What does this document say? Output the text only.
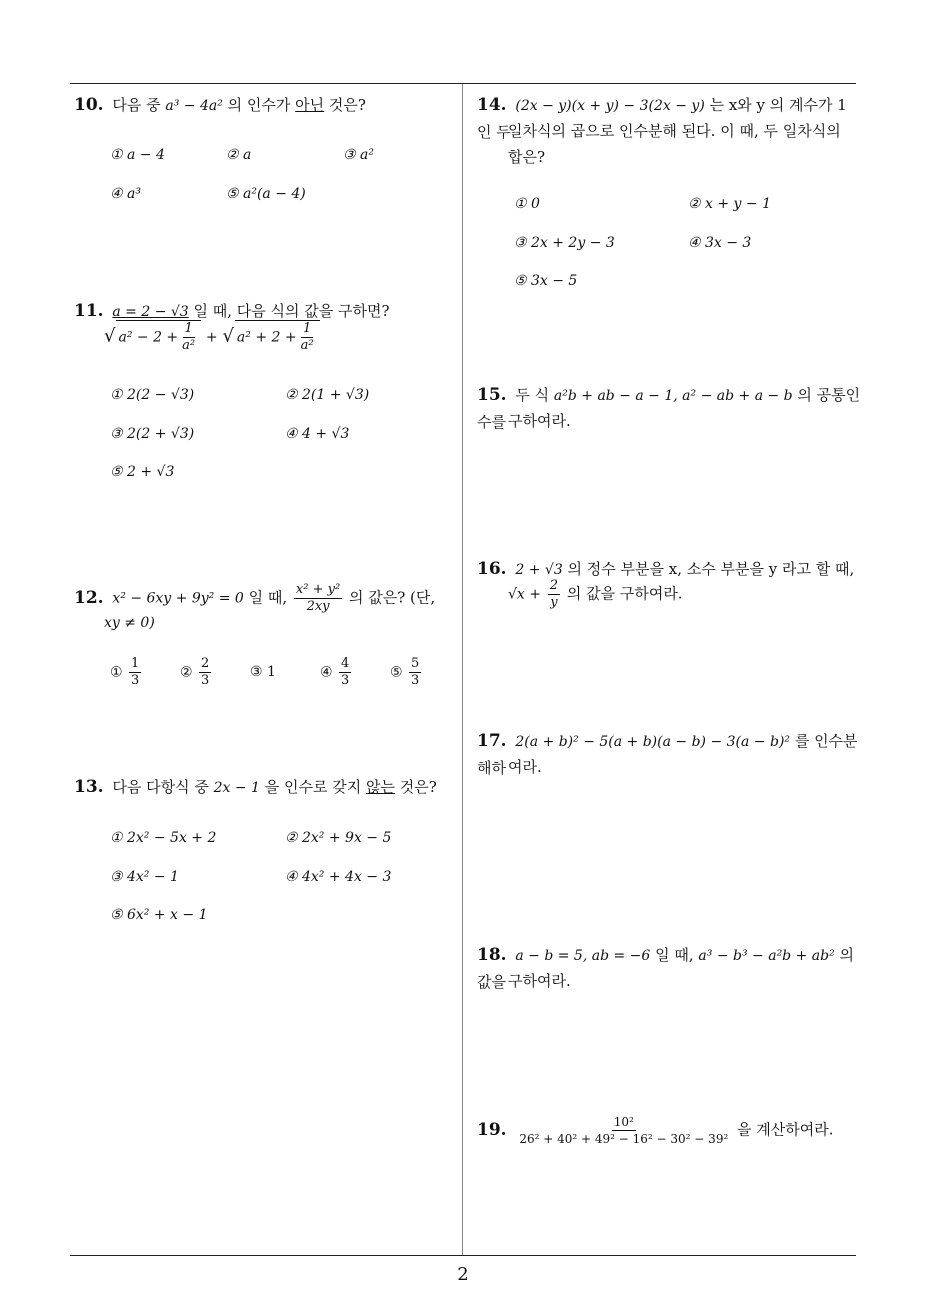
10. 다음 중 a³ − 4a² 의 인수가 아닌 것은?
① a − 4	② a	③ a²
④ a³	⑤ a²(a − 4)
11. a = 2 − √3 일 때, 다음 식의 값을 구하면?
√ $a^2 - 2 + \frac{1}{\text{a²}}$ + √ $a^2 + 2 + \frac{1}{\text{a²}}$
① 2(2 − √3)	② 2(1 + √3)
③ 2(2 + √3)	④ 4 + √3
⑤ 2 + √3
12. x² − 6xy + 9y² = 0 일 때, $\frac{\text{x² + y²}}{2xy}$ 의 값은? (단,
xy ≠ 0)
① $\frac{1}{3}$	② $\frac{2}{3}$	③ 1	④ $\frac{4}{3}$	⑤ $\frac{5}{3}$
13. 다음 다항식 중 2x − 1 을 인수로 갖지 않는 것은?
① 2x² − 5x + 2	② 2x² + 9x − 5
③ 4x² − 1	④ 4x² + 4x − 3
⑤ 6x² + x − 1
14. (2x − y)(x + y) − 3(2x − y) 는 x와 y 의 계수가 1인 두
일차식의 곱으로 인수분해 된다. 이 때, 두 일차식의
합은?
① 0	② x + y − 1
③ 2x + 2y − 3	④ 3x − 3
⑤ 3x − 5
15. 두 식 a²b + ab − a − 1, a² − ab + a − b 의 공통인수를 구하여라.
16. 2 + √3 의 정수 부분을 x, 소수 부분을 y 라고 할 때,
$√x + \frac{2}{y}$ 의 값을 구하여라.
17. 2(a + b)² − 5(a + b)(a − b) − 3(a − b)² 를 인수분해하 여라.
18. a − b = 5, ab = −6 일 때, a³ − b³ − a²b + ab² 의 값을 구하여라.
19. $\frac{\text{10²}}{\text{26² + 40² + 49² − 16² − 30² − 39²}}$ 을 계산하여라.
2
